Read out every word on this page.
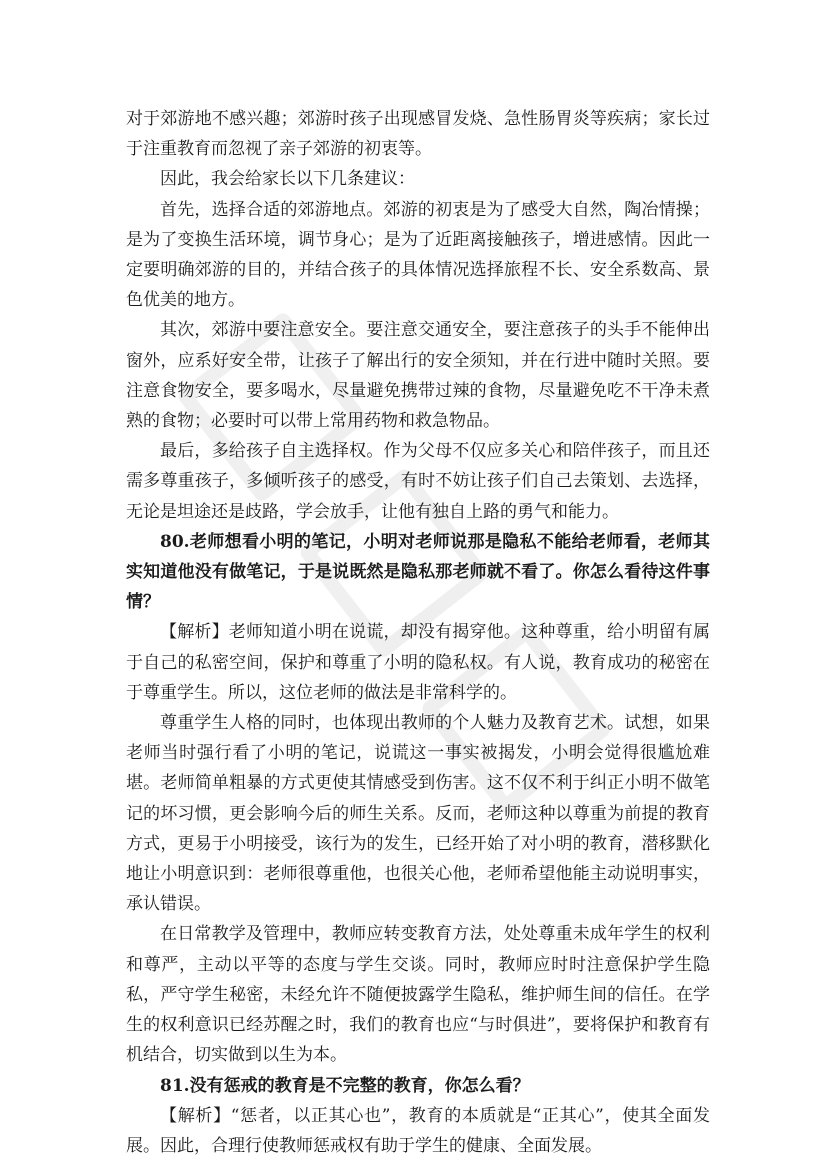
对于郊游地不感兴趣；郊游时孩子出现感冒发烧、急性肠胃炎等疾病；家长过于注重教育而忽视了亲子郊游的初衷等。

因此，我会给家长以下几条建议：

首先，选择合适的郊游地点。郊游的初衷是为了感受大自然，陶冶情操；是为了变换生活环境，调节身心；是为了近距离接触孩子，增进感情。因此一定要明确郊游的目的，并结合孩子的具体情况选择旅程不长、安全系数高、景色优美的地方。

其次，郊游中要注意安全。要注意交通安全，要注意孩子的头手不能伸出窗外，应系好安全带，让孩子了解出行的安全须知，并在行进中随时关照。要注意食物安全，要多喝水，尽量避免携带过辣的食物，尽量避免吃不干净未煮熟的食物；必要时可以带上常用药物和救急物品。

最后，多给孩子自主选择权。作为父母不仅应多关心和陪伴孩子，而且还需多尊重孩子，多倾听孩子的感受，有时不妨让孩子们自己去策划、去选择，无论是坦途还是歧路，学会放手，让他有独自上路的勇气和能力。

80.老师想看小明的笔记，小明对老师说那是隐私不能给老师看，老师其实知道他没有做笔记，于是说既然是隐私那老师就不看了。你怎么看待这件事情？

【解析】老师知道小明在说谎，却没有揭穿他。这种尊重，给小明留有属于自己的私密空间，保护和尊重了小明的隐私权。有人说，教育成功的秘密在于尊重学生。所以，这位老师的做法是非常科学的。

尊重学生人格的同时，也体现出教师的个人魅力及教育艺术。试想，如果老师当时强行看了小明的笔记，说谎这一事实被揭发，小明会觉得很尴尬难堪。老师简单粗暴的方式更使其情感受到伤害。这不仅不利于纠正小明不做笔记的坏习惯，更会影响今后的师生关系。反而，老师这种以尊重为前提的教育方式，更易于小明接受，该行为的发生，已经开始了对小明的教育，潜移默化地让小明意识到：老师很尊重他，也很关心他，老师希望他能主动说明事实，承认错误。

在日常教学及管理中，教师应转变教育方法，处处尊重未成年学生的权利和尊严，主动以平等的态度与学生交谈。同时，教师应时时注意保护学生隐私，严守学生秘密，未经允许不随便披露学生隐私，维护师生间的信任。在学生的权利意识已经苏醒之时，我们的教育也应“与时俱进”，要将保护和教育有机结合，切实做到以生为本。

81.没有惩戒的教育是不完整的教育，你怎么看？

【解析】“惩者，以正其心也”，教育的本质就是“正其心”，使其全面发展。因此，合理行使教师惩戒权有助于学生的健康、全面发展。
